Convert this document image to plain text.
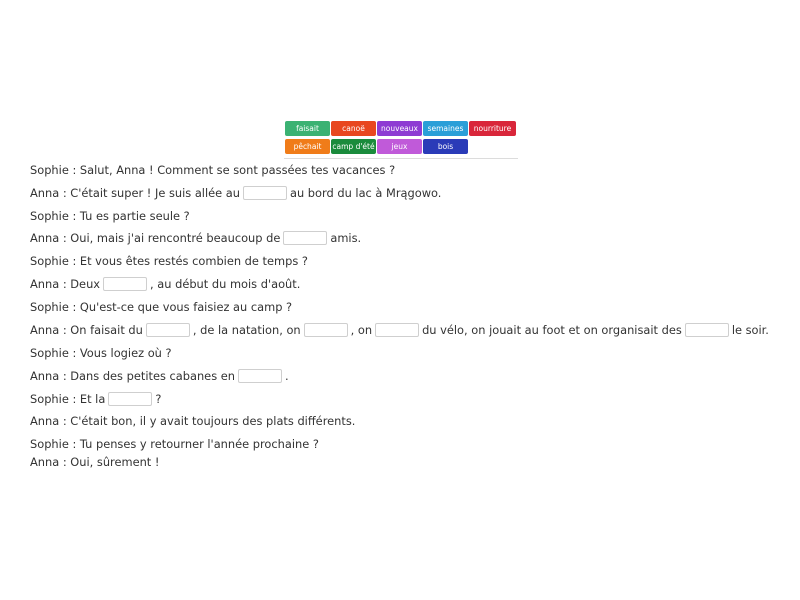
faisait	canoë	nouveaux	semaines	nourriture
pêchait	camp d'été	jeux	bois
Sophie : Salut, Anna ! Comment se sont passées tes vacances ?
Anna : C'était super ! Je suis allée au	au bord du lac à Mrągowo.
Sophie : Tu es partie seule ?
Anna : Oui, mais j'ai rencontré beaucoup de	amis.
Sophie : Et vous êtes restés combien de temps ?
Anna : Deux	, au début du mois d'août.
Sophie : Qu'est-ce que vous faisiez au camp ?
Anna : On faisait du	, de la natation, on	, on	du vélo, on jouait au foot et on organisait des	le soir.
Sophie : Vous logiez où ?
Anna : Dans des petites cabanes en	.
Sophie : Et la	?
Anna : C'était bon, il y avait toujours des plats différents.
Sophie : Tu penses y retourner l'année prochaine ?
Anna : Oui, sûrement !
